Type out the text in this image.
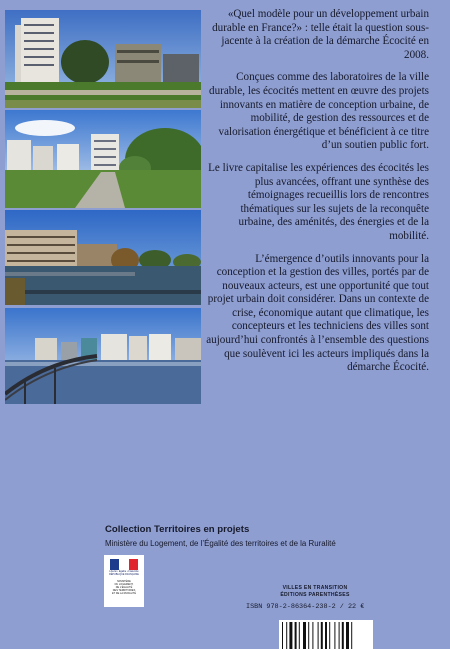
«Quel modèle pour un développement urbain durable en France?» : telle était la question sous-jacente à la création de la démarche Écocité en 2008.

Conçues comme des laboratoires de la ville durable, les écocités mettent en œuvre des projets innovants en matière de conception urbaine, de mobilité, de gestion des ressources et de valorisation énergétique et bénéficient à ce titre d’un soutien public fort.

Le livre capitalise les expériences des écocités les plus avancées, offrant une synthèse des témoignages recueillis lors de rencontres thématiques sur les sujets de la reconquête urbaine, des aménités, des énergies et de la mobilité.

L’émergence d’outils innovants pour la conception et la gestion des villes, portés par de nouveaux acteurs, est une opportunité que tout projet urbain doit considérer. Dans un contexte de crise, économique autant que climatique, les concepteurs et les techniciens des villes sont aujourd’hui confrontés à l’ensemble des questions que soulèvent ici les acteurs impliqués dans la démarche Écocité.

Collection Territoires en projets
Ministère du Logement, de l’Égalité des territoires et de la Ruralité
Liberté • Égalité • Fraternité RÉPUBLIQUE FRANÇAISE
MINISTÈRE
DU LOGEMENT,
DE L’ÉGALITÉ
DES TERRITOIRES
ET DE LA RURALITÉ
VILLES EN TRANSITION
ÉDITIONS PARENTHÈSES
ISBN 978-2-86364-238-2 / 22 €
